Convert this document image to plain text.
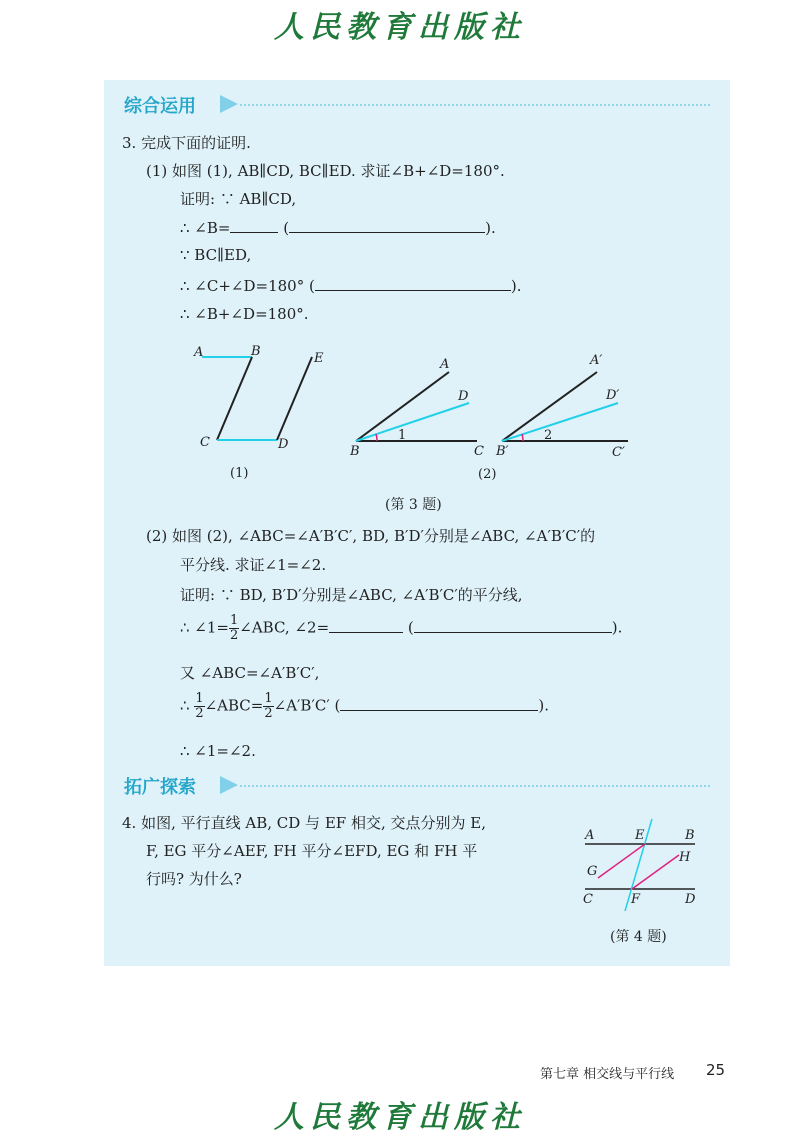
人民教育出版社
综合运用
3. 完成下面的证明.
(1) 如图 (1), AB∥CD, BC∥ED. 求证∠B+∠D=180°.
证明: ∵ AB∥CD,
∴ ∠B=	(	).
∵ BC∥ED,
∴ ∠C+∠D=180° (	).
∴ ∠B+∠D=180°.
A	B
C	D
E
(1)
A
D
1
B	C
A′
D′
2
B′	C′
(2)
(第 3 题)
(2) 如图 (2), ∠ABC=∠A′B′C′, BD, B′D′分别是∠ABC, ∠A′B′C′的
平分线. 求证∠1=∠2.
证明: ∵ BD, B′D′分别是∠ABC, ∠A′B′C′的平分线,
∴ ∠1= $\frac{1}{2}$ ∠ABC, ∠2=	(	).
又 ∠ABC=∠A′B′C′,
∴ $\frac{1}{2}$ ∠ABC= $\frac{1}{2}$ ∠A′B′C′ (	).
∴ ∠1=∠2.
拓广探索
4. 如图, 平行直线 AB, CD 与 EF 相交, 交点分别为 E,
F, EG 平分∠AEF, FH 平分∠EFD, EG 和 FH 平
行吗? 为什么?
A	E	B
G
H
C	F	D
(第 4 题)
第七章 相交线与平行线 25
人民教育出版社
